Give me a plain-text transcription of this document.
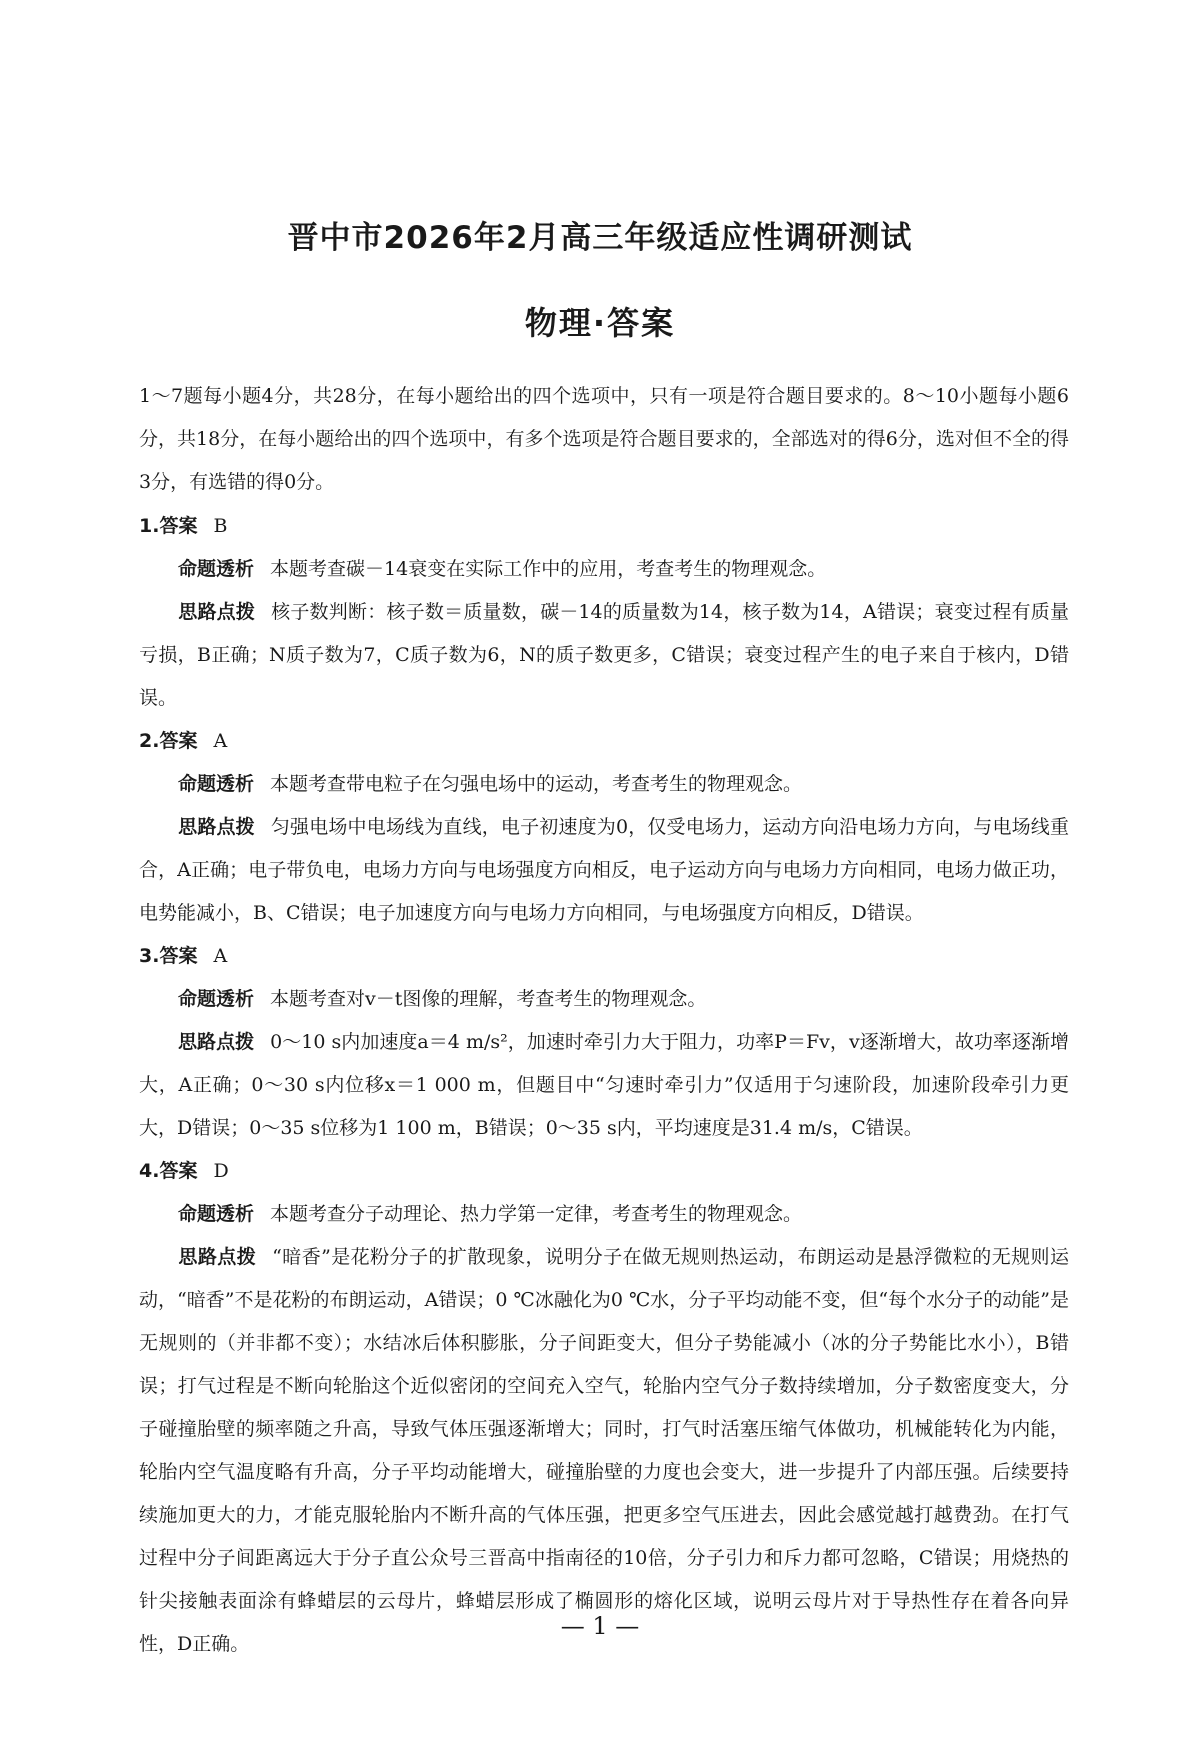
晋中市2026年2月高三年级适应性调研测试
物理·答案
1～7题每小题4分，共28分，在每小题给出的四个选项中，只有一项是符合题目要求的。8～10小题每小题6分，共18分，在每小题给出的四个选项中，有多个选项是符合题目要求的，全部选对的得6分，选对但不全的得3分，有选错的得0分。
1.答案 B
命题透析 本题考查碳－14衰变在实际工作中的应用，考查考生的物理观念。
思路点拨 核子数判断：核子数＝质量数，碳－14的质量数为14，核子数为14，A错误；衰变过程有质量亏损，B正确；N质子数为7，C质子数为6，N的质子数更多，C错误；衰变过程产生的电子来自于核内，D错误。
2.答案 A
命题透析 本题考查带电粒子在匀强电场中的运动，考查考生的物理观念。
思路点拨 匀强电场中电场线为直线，电子初速度为0，仅受电场力，运动方向沿电场力方向，与电场线重合，A正确；电子带负电，电场力方向与电场强度方向相反，电子运动方向与电场力方向相同，电场力做正功，电势能减小，B、C错误；电子加速度方向与电场力方向相同，与电场强度方向相反，D错误。
3.答案 A
命题透析 本题考查对v－t图像的理解，考查考生的物理观念。
思路点拨 0～10 s内加速度a＝4 m/s²，加速时牵引力大于阻力，功率P＝Fv，v逐渐增大，故功率逐渐增大，A正确；0～30 s内位移x＝1 000 m，但题目中“匀速时牵引力”仅适用于匀速阶段，加速阶段牵引力更大，D错误；0～35 s位移为1 100 m，B错误；0～35 s内，平均速度是31.4 m/s，C错误。
4.答案 D
命题透析 本题考查分子动理论、热力学第一定律，考查考生的物理观念。
思路点拨 “暗香”是花粉分子的扩散现象，说明分子在做无规则热运动，布朗运动是悬浮微粒的无规则运动，“暗香”不是花粉的布朗运动，A错误；0 ℃冰融化为0 ℃水，分子平均动能不变，但“每个水分子的动能”是无规则的（并非都不变）；水结冰后体积膨胀，分子间距变大，但分子势能减小（冰的分子势能比水小），B错误；打气过程是不断向轮胎这个近似密闭的空间充入空气，轮胎内空气分子数持续增加，分子数密度变大，分子碰撞胎壁的频率随之升高，导致气体压强逐渐增大；同时，打气时活塞压缩气体做功，机械能转化为内能，轮胎内空气温度略有升高，分子平均动能增大，碰撞胎壁的力度也会变大，进一步提升了内部压强。后续要持续施加更大的力，才能克服轮胎内不断升高的气体压强，把更多空气压进去，因此会感觉越打越费劲。在打气过程中分子间距离远大于分子直公众号三晋高中指南径的10倍，分子引力和斥力都可忽略，C错误；用烧热的针尖接触表面涂有蜂蜡层的云母片，蜂蜡层形成了椭圆形的熔化区域，说明云母片对于导热性存在着各向异性，D正确。
— 1 —
